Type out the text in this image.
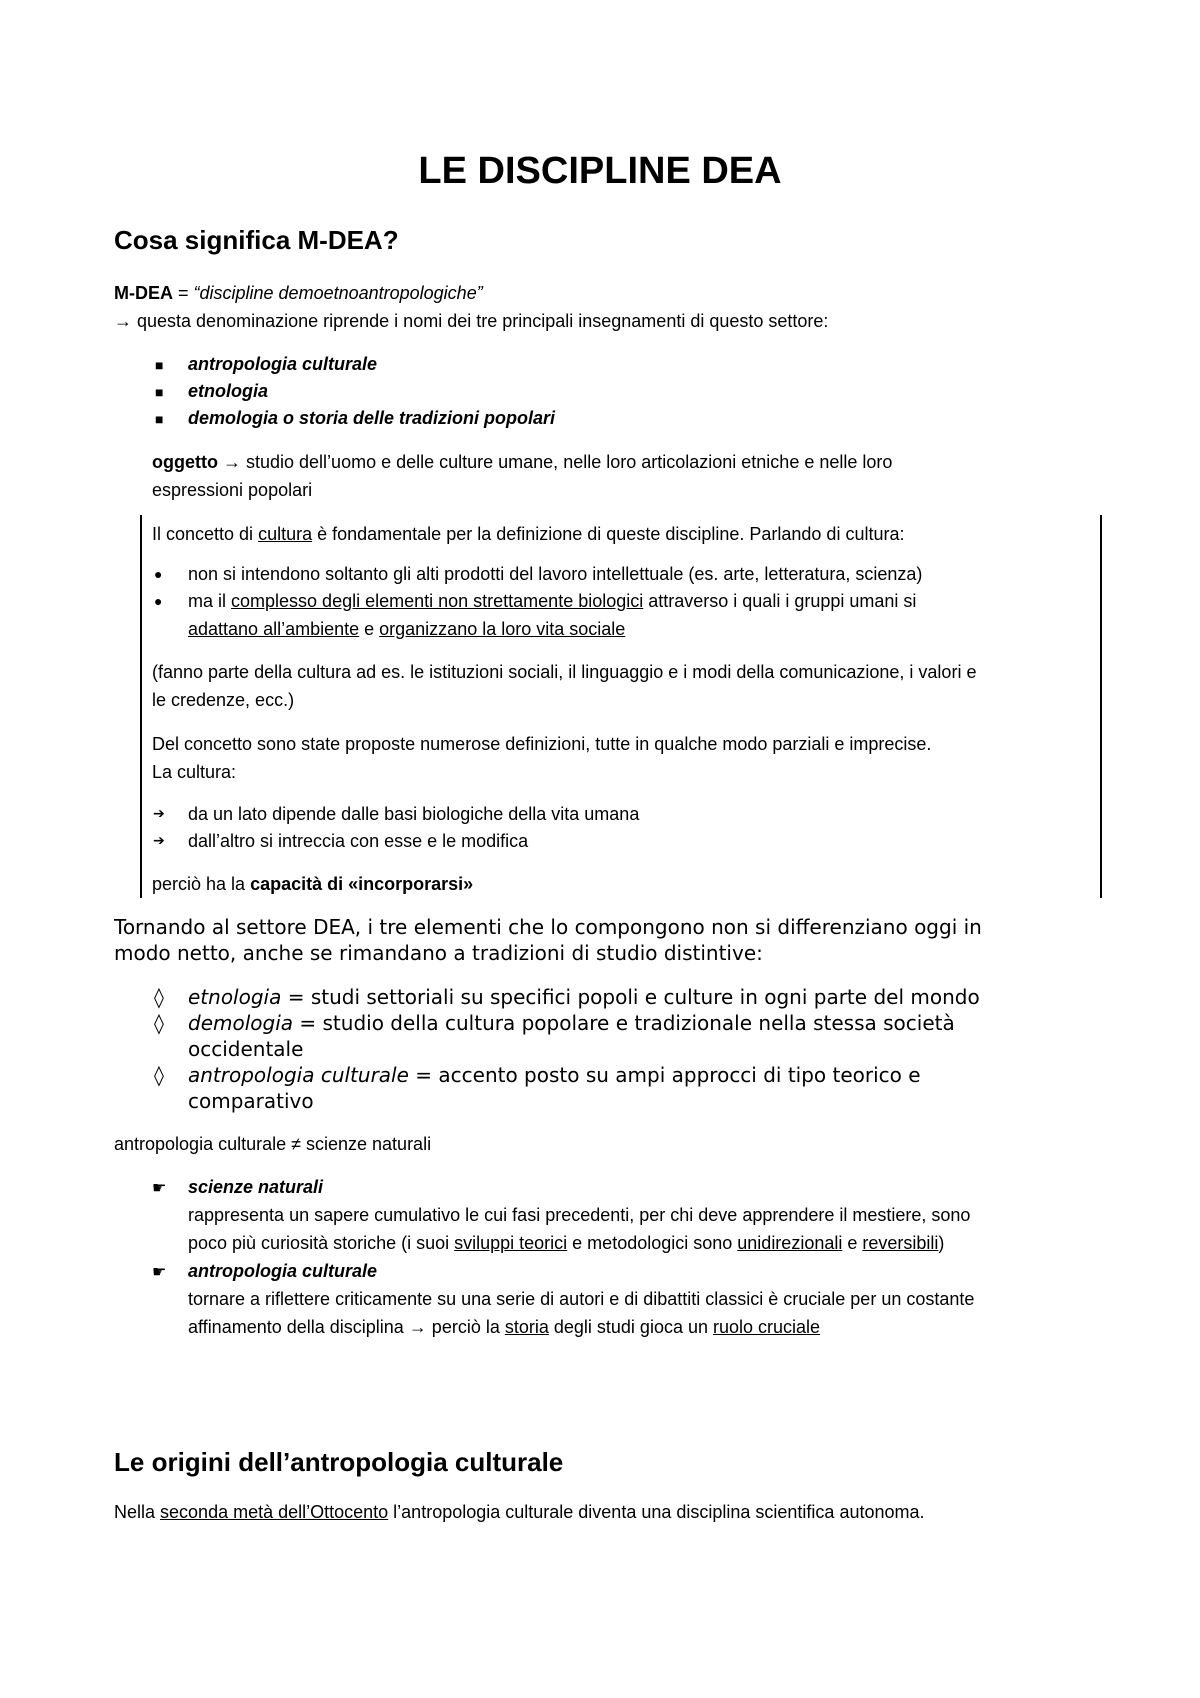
LE DISCIPLINE DEA
Cosa significa M-DEA?
M-DEA = “discipline demoetnoantropologiche”
→ questa denominazione riprende i nomi dei tre principali insegnamenti di questo settore:
■ antropologia culturale
■ etnologia
■ demologia o storia delle tradizioni popolari
oggetto → studio dell’uomo e delle culture umane, nelle loro articolazioni etniche e nelle loro
espressioni popolari
Il concetto di cultura è fondamentale per la definizione di queste discipline. Parlando di cultura:
● non si intendono soltanto gli alti prodotti del lavoro intellettuale (es. arte, letteratura, scienza)
● ma il complesso degli elementi non strettamente biologici attraverso i quali i gruppi umani si
adattano all’ambiente e organizzano la loro vita sociale
(fanno parte della cultura ad es. le istituzioni sociali, il linguaggio e i modi della comunicazione, i valori e
le credenze, ecc.)
Del concetto sono state proposte numerose definizioni, tutte in qualche modo parziali e imprecise.
La cultura:
➔ da un lato dipende dalle basi biologiche della vita umana
➔ dall’altro si intreccia con esse e le modifica
perciò ha la capacità di «incorporarsi»
Tornando al settore DEA, i tre elementi che lo compongono non si differenziano oggi in
modo netto, anche se rimandano a tradizioni di studio distintive:
◊ etnologia = studi settoriali su specifici popoli e culture in ogni parte del mondo
◊ demologia = studio della cultura popolare e tradizionale nella stessa società
occidentale
◊ antropologia culturale = accento posto su ampi approcci di tipo teorico e
comparativo
antropologia culturale ≠ scienze naturali
☛ scienze naturali
rappresenta un sapere cumulativo le cui fasi precedenti, per chi deve apprendere il mestiere, sono
poco più curiosità storiche (i suoi sviluppi teorici e metodologici sono unidirezionali e reversibili)
☛ antropologia culturale
tornare a riflettere criticamente su una serie di autori e di dibattiti classici è cruciale per un costante
affinamento della disciplina → perciò la storia degli studi gioca un ruolo cruciale
Le origini dell’antropologia culturale
Nella seconda metà dell’Ottocento l’antropologia culturale diventa una disciplina scientifica autonoma.
